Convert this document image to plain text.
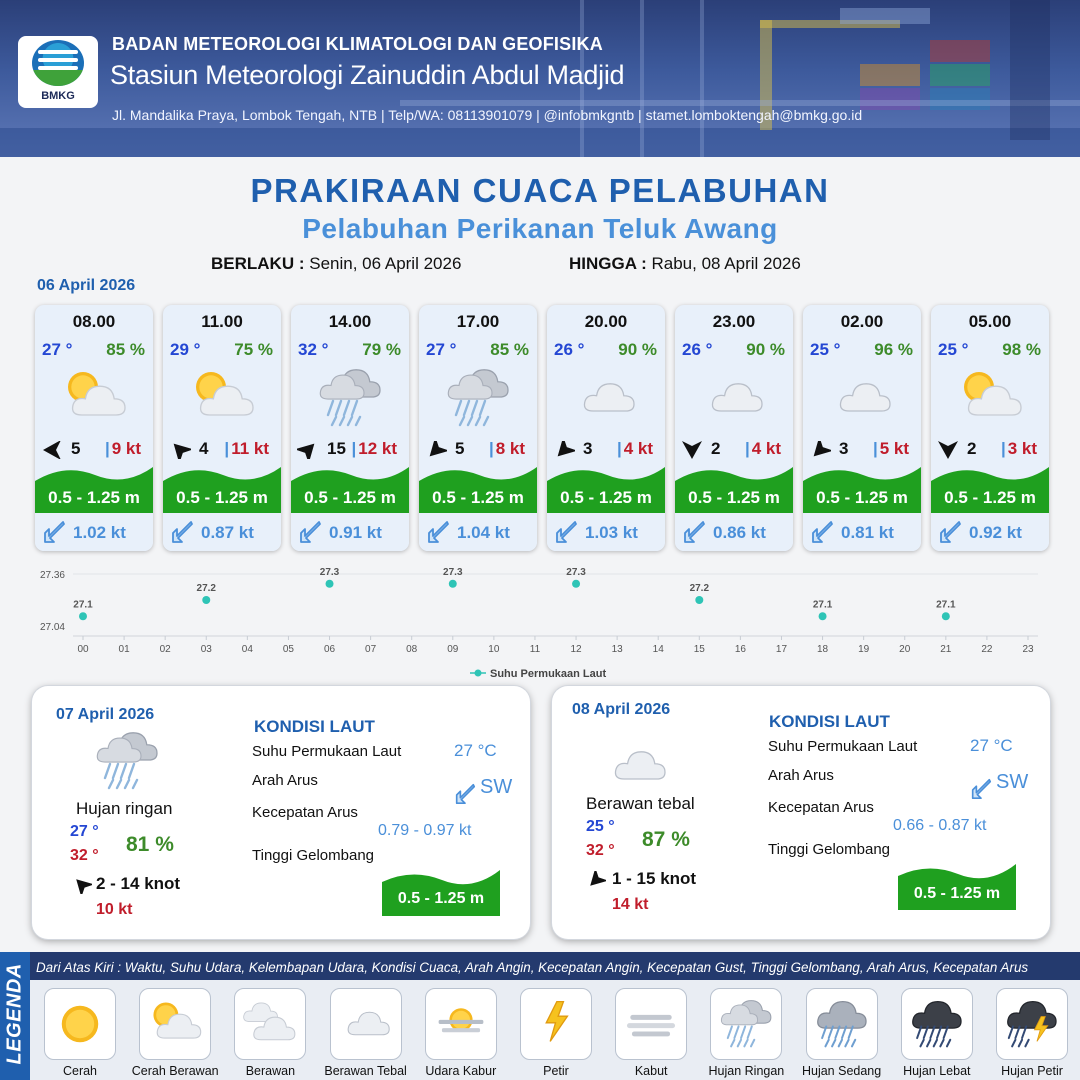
BMKG
BADAN METEOROLOGI KLIMATOLOGI DAN GEOFISIKA
Stasiun Meteorologi Zainuddin Abdul Madjid
Jl. Mandalika Praya, Lombok Tengah, NTB | Telp/WA: 08113901079 | @infobmkgntb | stamet.lomboktengah@bmkg.go.id
PRAKIRAAN CUACA PELABUHAN
Pelabuhan Perikanan Teluk Awang
BERLAKU : Senin, 06 April 2026	HINGGA : Rabu, 08 April 2026
06 April 2026
08.00
27 ° 85 %
5 | 9 kt
0.5 - 1.25 m
1.02 kt
11.00
29 ° 75 %
4 | 11 kt
0.5 - 1.25 m
0.87 kt
14.00
32 ° 79 %
15 | 12 kt
0.5 - 1.25 m
0.91 kt
17.00
27 ° 85 %
5 | 8 kt
0.5 - 1.25 m
1.04 kt
20.00
26 ° 90 %
3 | 4 kt
0.5 - 1.25 m
1.03 kt
23.00
26 ° 90 %
2 | 4 kt
0.5 - 1.25 m
0.86 kt
02.00
25 ° 96 %
3 | 5 kt
0.5 - 1.25 m
0.81 kt
05.00
25 ° 98 %
2 | 3 kt
0.5 - 1.25 m
0.92 kt
27.36
27.04
00	01	02	03	04	05	06	07	08	09	10	11	12	13	14	15	16	17	18	19	20	21	22	23
27.1
27.2
27.3	27.3	27.3
27.2
27.1	27.1
Suhu Permukaan Laut
07 April 2026
Hujan ringan
27 °
32 ° 81 %
2 - 14 knot
10 kt
KONDISI LAUT
Suhu Permukaan Laut	27 °C
Arah Arus	SW
Kecepatan Arus
0.79 - 0.97 kt
Tinggi Gelombang
0.5 - 1.25 m
08 April 2026
Berawan tebal
25 °
32 ° 87 %
1 - 15 knot
14 kt
KONDISI LAUT
Suhu Permukaan Laut	27 °C
Arah Arus	SW
Kecepatan Arus
0.66 - 0.87 kt
Tinggi Gelombang
0.5 - 1.25 m
LEGENDA Dari Atas Kiri : Waktu, Suhu Udara, Kelembapan Udara, Kondisi Cuaca, Arah Angin, Kecepatan Angin, Kecepatan Gust, Tinggi Gelombang, Arah Arus, Kecepatan Arus
Cerah	Cerah Berawan	Berawan	Berawan Tebal	Udara Kabur	Petir	Kabut	Hujan Ringan	Hujan Sedang	Hujan Lebat	Hujan Petir
